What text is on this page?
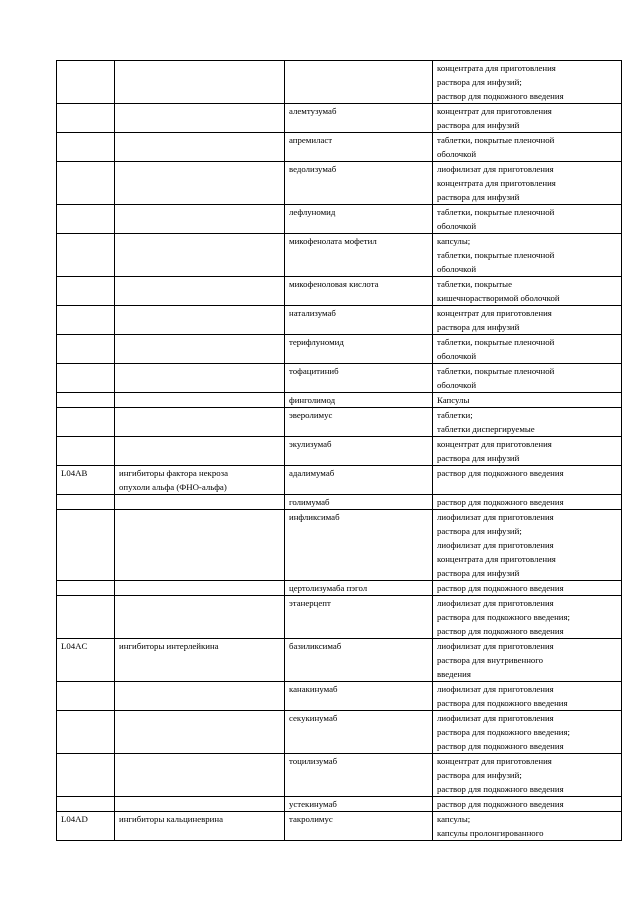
			концентрата для приготовления
раствора для инфузий;
раствор для подкожного введения
		алемтузумаб	концентрат для приготовления
раствора для инфузий
		апремиласт	таблетки, покрытые пленочной
оболочкой
		ведолизумаб	лиофилизат для приготовления
концентрата для приготовления
раствора для инфузий
		лефлуномид	таблетки, покрытые пленочной
оболочкой
		микофенолата мофетил	капсулы;
таблетки, покрытые пленочной
оболочкой
		микофеноловая кислота	таблетки, покрытые
кишечнорастворимой оболочкой
		натализумаб	концентрат для приготовления
раствора для инфузий
		терифлуномид	таблетки, покрытые пленочной
оболочкой
		тофацитиниб	таблетки, покрытые пленочной
оболочкой
		финголимод	Капсулы
		эверолимус	таблетки;
таблетки диспергируемые
		экулизумаб	концентрат для приготовления
раствора для инфузий
L04AB	ингибиторы фактора некроза
опухоли альфа (ФНО-альфа)	адалимумаб	раствор для подкожного введения
		голимумаб	раствор для подкожного введения
		инфликсимаб	лиофилизат для приготовления
раствора для инфузий;
лиофилизат для приготовления
концентрата для приготовления
раствора для инфузий
		цертолизумаба пэгол	раствор для подкожного введения
		этанерцепт	лиофилизат для приготовления
раствора для подкожного введения;
раствор для подкожного введения
L04AC	ингибиторы интерлейкина	базиликсимаб	лиофилизат для приготовления
раствора для внутривенного
введения
		канакинумаб	лиофилизат для приготовления
раствора для подкожного введения
		секукинумаб	лиофилизат для приготовления
раствора для подкожного введения;
раствор для подкожного введения
		тоцилизумаб	концентрат для приготовления
раствора для инфузий;
раствор для подкожного введения
		устекинумаб	раствор для подкожного введения
L04AD	ингибиторы кальциневрина	такролимус	капсулы;
капсулы пролонгированного
